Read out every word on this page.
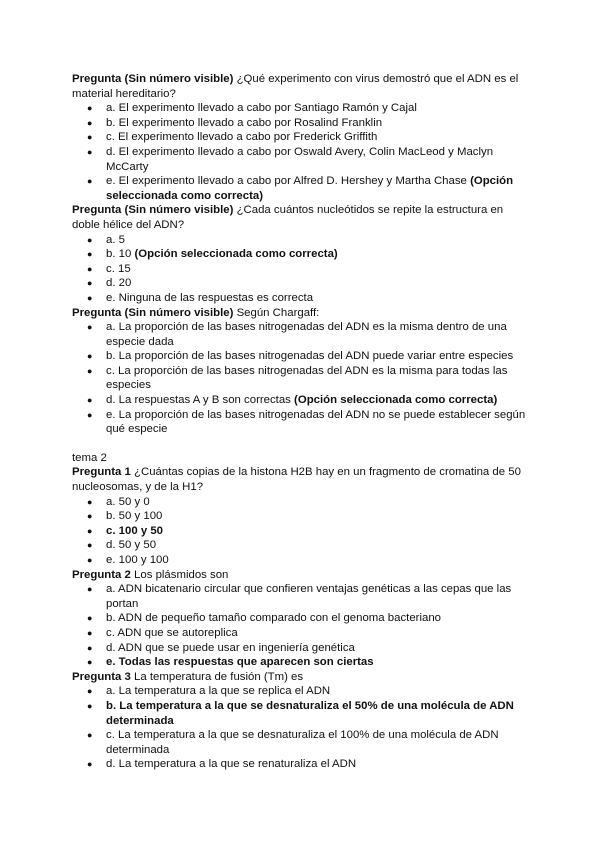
Pregunta (Sin número visible) ¿Qué experimento con virus demostró que el ADN es el material hereditario?

● a. El experimento llevado a cabo por Santiago Ramón y Cajal
● b. El experimento llevado a cabo por Rosalind Franklin
● c. El experimento llevado a cabo por Frederick Griffith
● d. El experimento llevado a cabo por Oswald Avery, Colin MacLeod y Maclyn McCarty
● e. El experimento llevado a cabo por Alfred D. Hershey y Martha Chase (Opción seleccionada como correcta)

Pregunta (Sin número visible) ¿Cada cuántos nucleótidos se repite la estructura en doble hélice del ADN?

● a. 5
● b. 10 (Opción seleccionada como correcta)
● c. 15
● d. 20
● e. Ninguna de las respuestas es correcta

Pregunta (Sin número visible) Según Chargaff:

● a. La proporción de las bases nitrogenadas del ADN es la misma dentro de una especie dada
● b. La proporción de las bases nitrogenadas del ADN puede variar entre especies
● c. La proporción de las bases nitrogenadas del ADN es la misma para todas las especies
● d. La respuestas A y B son correctas (Opción seleccionada como correcta)
● e. La proporción de las bases nitrogenadas del ADN no se puede establecer según qué especie

tema 2

Pregunta 1 ¿Cuántas copias de la histona H2B hay en un fragmento de cromatina de 50 nucleosomas, y de la H1?

● a. 50 y 0
● b. 50 y 100
● c. 100 y 50
● d. 50 y 50
● e. 100 y 100

Pregunta 2 Los plásmidos son

● a. ADN bicatenario circular que confieren ventajas genéticas a las cepas que las portan
● b. ADN de pequeño tamaño comparado con el genoma bacteriano
● c. ADN que se autoreplica
● d. ADN que se puede usar en ingeniería genética
● e. Todas las respuestas que aparecen son ciertas

Pregunta 3 La temperatura de fusión (Tm) es

● a. La temperatura a la que se replica el ADN
● b. La temperatura a la que se desnaturaliza el 50% de una molécula de ADN determinada
● c. La temperatura a la que se desnaturaliza el 100% de una molécula de ADN determinada
● d. La temperatura a la que se renaturaliza el ADN
